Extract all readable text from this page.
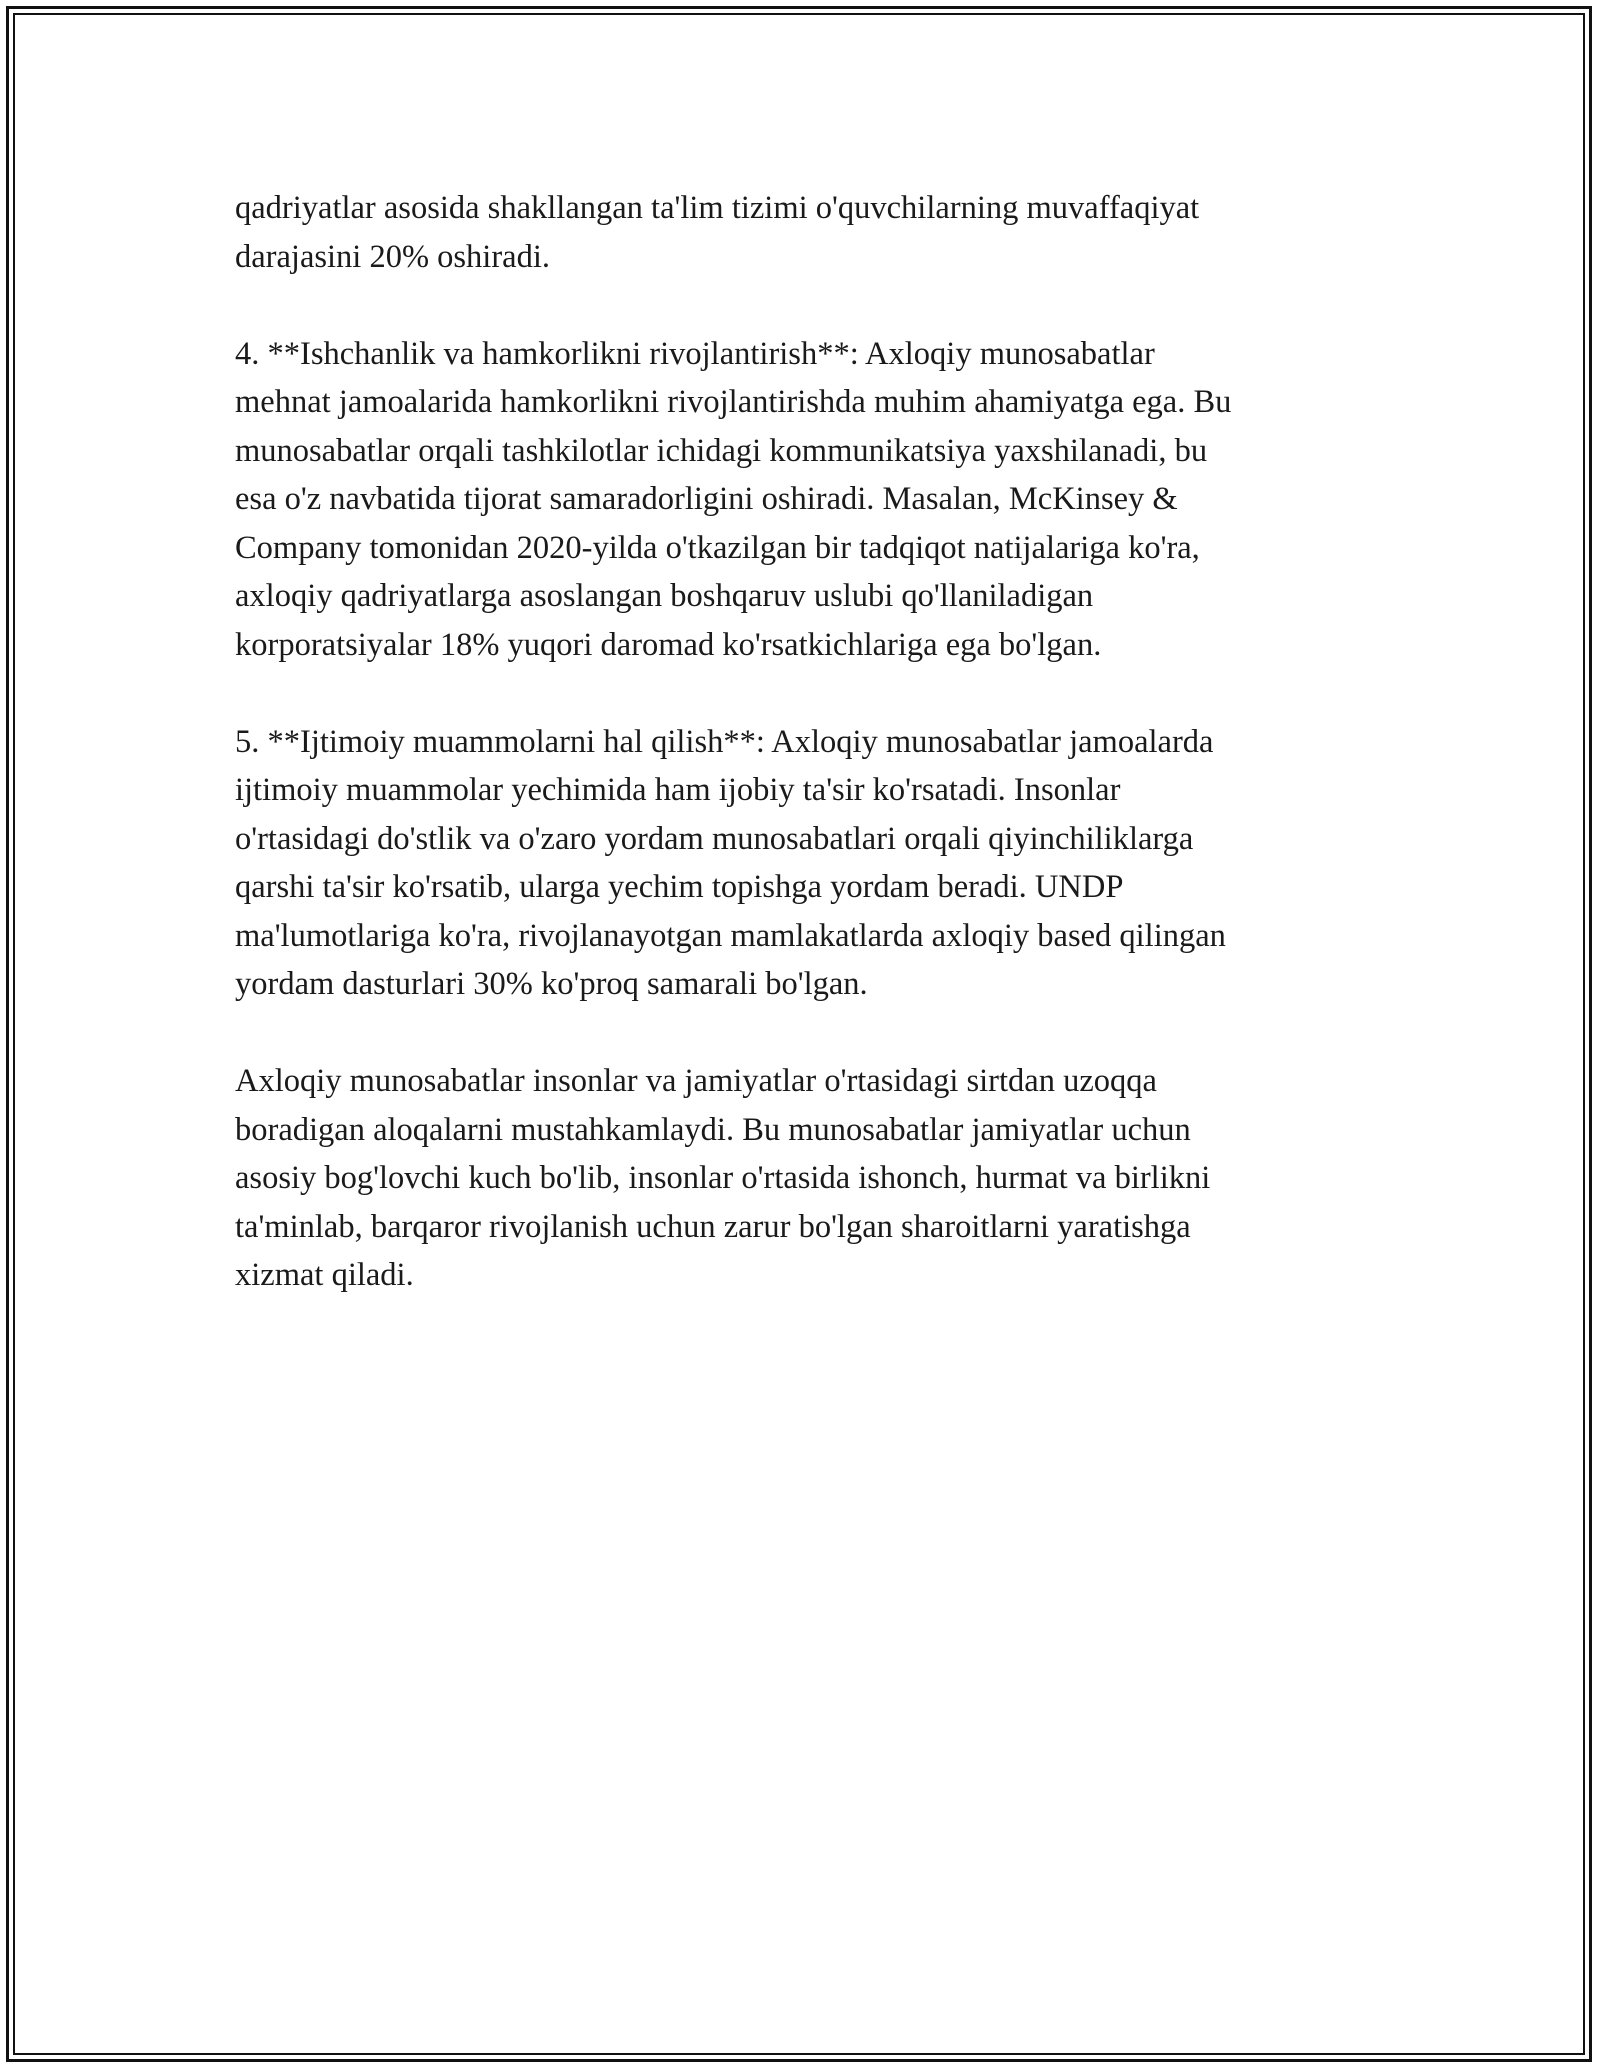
qadriyatlar asosida shakllangan ta'lim tizimi o'quvchilarning muvaffaqiyat
darajasini 20% oshiradi.

4. **Ishchanlik va hamkorlikni rivojlantirish**: Axloqiy munosabatlar
mehnat jamoalarida hamkorlikni rivojlantirishda muhim ahamiyatga ega. Bu
munosabatlar orqali tashkilotlar ichidagi kommunikatsiya yaxshilanadi, bu
esa o'z navbatida tijorat samaradorligini oshiradi. Masalan, McKinsey &
Company tomonidan 2020-yilda o'tkazilgan bir tadqiqot natijalariga ko'ra,
axloqiy qadriyatlarga asoslangan boshqaruv uslubi qo'llaniladigan
korporatsiyalar 18% yuqori daromad ko'rsatkichlariga ega bo'lgan.

5. **Ijtimoiy muammolarni hal qilish**: Axloqiy munosabatlar jamoalarda
ijtimoiy muammolar yechimida ham ijobiy ta'sir ko'rsatadi. Insonlar
o'rtasidagi do'stlik va o'zaro yordam munosabatlari orqali qiyinchiliklarga
qarshi ta'sir ko'rsatib, ularga yechim topishga yordam beradi. UNDP
ma'lumotlariga ko'ra, rivojlanayotgan mamlakatlarda axloqiy based qilingan
yordam dasturlari 30% ko'proq samarali bo'lgan.

Axloqiy munosabatlar insonlar va jamiyatlar o'rtasidagi sirtdan uzoqqa
boradigan aloqalarni mustahkamlaydi. Bu munosabatlar jamiyatlar uchun
asosiy bog'lovchi kuch bo'lib, insonlar o'rtasida ishonch, hurmat va birlikni
ta'minlab, barqaror rivojlanish uchun zarur bo'lgan sharoitlarni yaratishga
xizmat qiladi.
